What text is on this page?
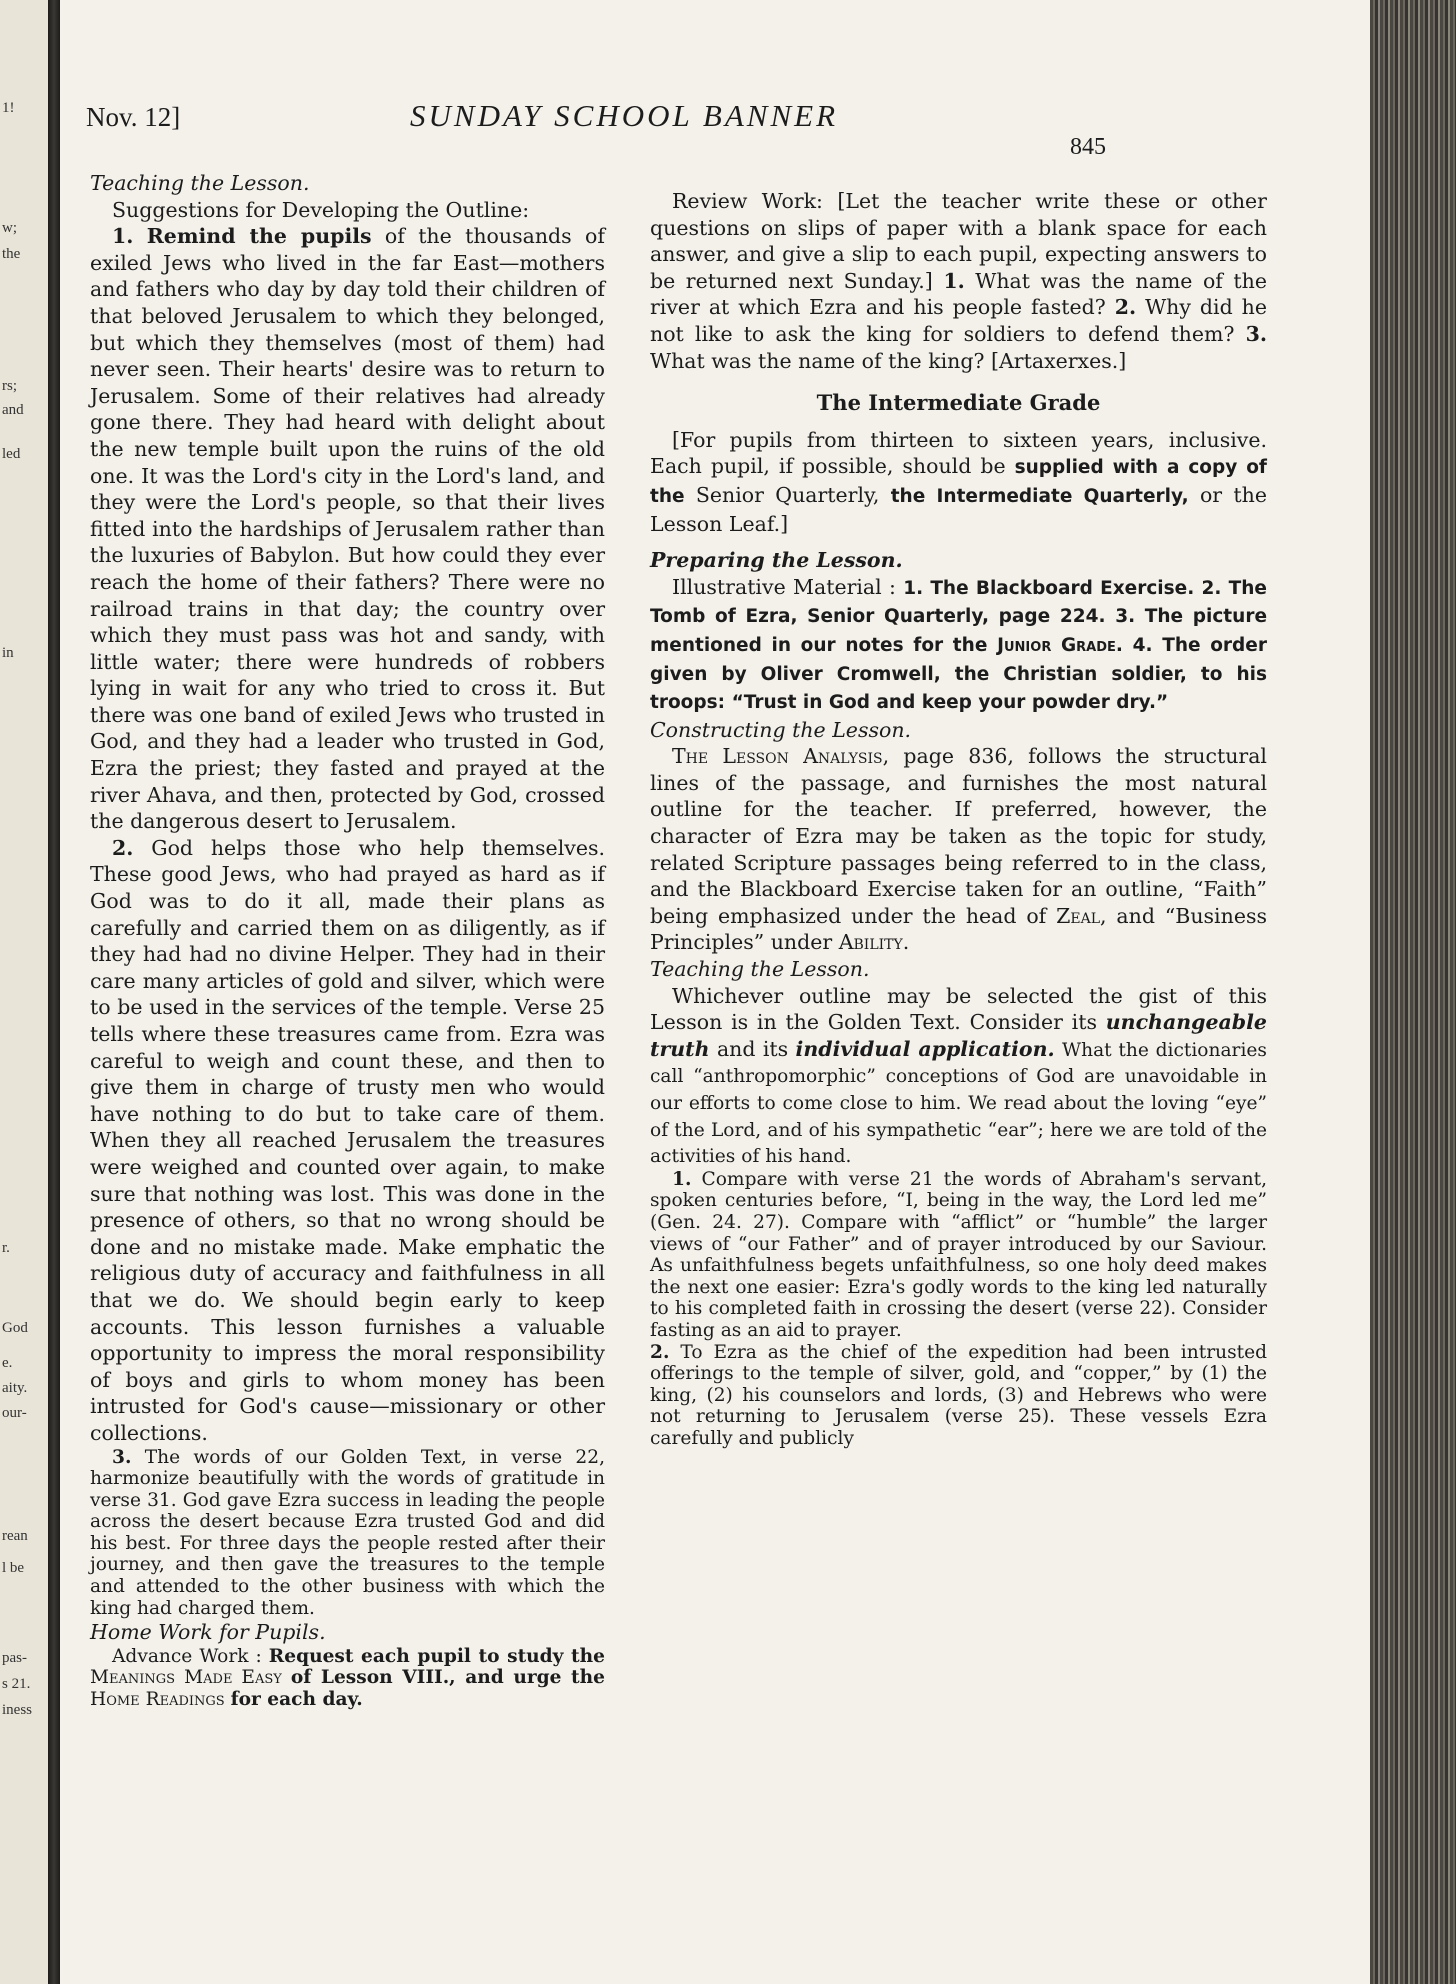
1!
w;
the
rs;
and
led
in
r.
God
e.
aity.
our-
rean
l be
pas-
s 21.
iness
Nov. 12]	SUNDAY SCHOOL BANNER
845

Teaching the Lesson.

Suggestions for Developing the Outline:

1. Remind the pupils of the thousands of exiled Jews who lived in the far East—mothers and fathers who day by day told their children of that beloved Jerusalem to which they belonged, but which they themselves (most of them) had never seen. Their hearts' desire was to return to Jerusalem. Some of their relatives had already gone there. They had heard with delight about the new temple built upon the ruins of the old one. It was the Lord's city in the Lord's land, and they were the Lord's people, so that their lives fitted into the hardships of Jerusalem rather than the luxuries of Babylon. But how could they ever reach the home of their fathers? There were no railroad trains in that day; the country over which they must pass was hot and sandy, with little water; there were hundreds of robbers lying in wait for any who tried to cross it. But there was one band of exiled Jews who trusted in God, and they had a leader who trusted in God, Ezra the priest; they fasted and prayed at the river Ahava, and then, protected by God, crossed the dangerous desert to Jerusalem.

2. God helps those who help themselves. These good Jews, who had prayed as hard as if God was to do it all, made their plans as carefully and carried them on as diligently, as if they had had no divine Helper. They had in their care many articles of gold and silver, which were to be used in the services of the temple. Verse 25 tells where these treasures came from. Ezra was careful to weigh and count these, and then to give them in charge of trusty men who would have nothing to do but to take care of them. When they all reached Jerusalem the treasures were weighed and counted over again, to make sure that nothing was lost. This was done in the presence of others, so that no wrong should be done and no mistake made. Make emphatic the religious duty of accuracy and faithfulness in all that we do. We should begin early to keep accounts. This lesson furnishes a valuable opportunity to impress the moral responsibility of boys and girls to whom money has been intrusted for God's cause—missionary or other collections.

3. The words of our Golden Text, in verse 22, harmonize beautifully with the words of gratitude in verse 31. God gave Ezra success in leading the people across the desert because Ezra trusted God and did his best. For three days the people rested after their journey, and then gave the treasures to the temple and attended to the other business with which the king had charged them.

Home Work for Pupils.

Advance Work : Request each pupil to study the Meanings Made Easy of Lesson VIII., and urge the Home Readings for each day.

Review Work: [Let the teacher write these or other questions on slips of paper with a blank space for each answer, and give a slip to each pupil, expecting answers to be returned next Sunday.] 1. What was the name of the river at which Ezra and his people fasted? 2. Why did he not like to ask the king for soldiers to defend them? 3. What was the name of the king? [Artaxerxes.]

The Intermediate Grade

[For pupils from thirteen to sixteen years, inclusive. Each pupil, if possible, should be supplied with a copy of the Senior Quarterly, the Intermediate Quarterly, or the Lesson Leaf.]

Preparing the Lesson.

Illustrative Material : 1. The Blackboard Exercise. 2. The Tomb of Ezra, Senior Quarterly, page 224. 3. The picture mentioned in our notes for the Junior Grade. 4. The order given by Oliver Cromwell, the Christian soldier, to his troops: “Trust in God and keep your powder dry.”

Constructing the Lesson.

The Lesson Analysis, page 836, follows the structural lines of the passage, and furnishes the most natural outline for the teacher. If preferred, however, the character of Ezra may be taken as the topic for study, related Scripture passages being referred to in the class, and the Blackboard Exercise taken for an outline, “Faith” being emphasized under the head of Zeal, and “Business Principles” under Ability.

Teaching the Lesson.

Whichever outline may be selected the gist of this Lesson is in the Golden Text. Consider its unchangeable truth and its individual application. What the dictionaries call “anthropomorphic” conceptions of God are unavoidable in our efforts to come close to him. We read about the loving “eye” of the Lord, and of his sympathetic “ear”; here we are told of the activities of his hand.

1. Compare with verse 21 the words of Abraham's servant, spoken centuries before, “I, being in the way, the Lord led me” (Gen. 24. 27). Compare with “afflict” or “humble” the larger views of “our Father” and of prayer introduced by our Saviour. As unfaithfulness begets unfaithfulness, so one holy deed makes the next one easier: Ezra's godly words to the king led naturally to his completed faith in crossing the desert (verse 22). Consider fasting as an aid to prayer.

2. To Ezra as the chief of the expedition had been intrusted offerings to the temple of silver, gold, and “copper,” by (1) the king, (2) his counselors and lords, (3) and Hebrews who were not returning to Jerusalem (verse 25). These vessels Ezra carefully and publicly
